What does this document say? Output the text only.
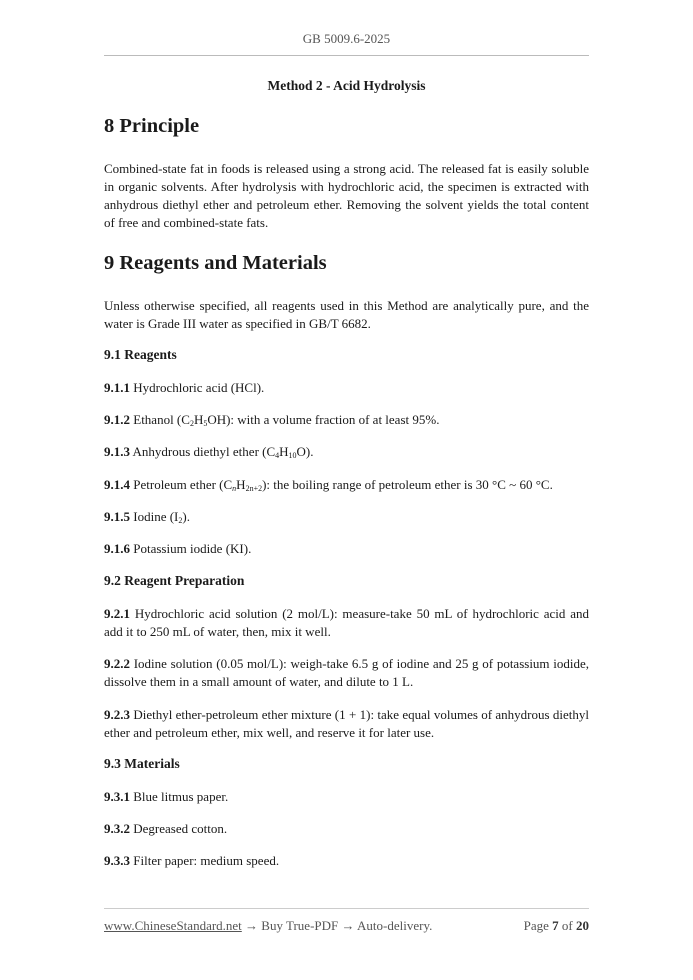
GB 5009.6-2025
Method 2 - Acid Hydrolysis
8 Principle
Combined-state fat in foods is released using a strong acid. The released fat is easily soluble in organic solvents. After hydrolysis with hydrochloric acid, the specimen is extracted with anhydrous diethyl ether and petroleum ether. Removing the solvent yields the total content of free and combined-state fats.
9 Reagents and Materials
Unless otherwise specified, all reagents used in this Method are analytically pure, and the water is Grade III water as specified in GB/T 6682.
9.1 Reagents
9.1.1 Hydrochloric acid (HCl).
9.1.2 Ethanol $(C_2H_5OH)$: with a volume fraction of at least 95%.
9.1.3 Anhydrous diethyl ether $(C_4H_{10}O)$.
9.1.4 Petroleum ether $(C_nH_{2n+2})$: the boiling range of petroleum ether is 30 °C ~ 60 °C.
9.1.5 Iodine $(I_2)$.
9.1.6 Potassium iodide (KI).
9.2 Reagent Preparation
9.2.1 Hydrochloric acid solution (2 mol/L): measure-take 50 mL of hydrochloric acid and add it to 250 mL of water, then, mix it well.
9.2.2 Iodine solution (0.05 mol/L): weigh-take 6.5 g of iodine and 25 g of potassium iodide, dissolve them in a small amount of water, and dilute to 1 L.
9.2.3 Diethyl ether-petroleum ether mixture (1 + 1): take equal volumes of anhydrous diethyl ether and petroleum ether, mix well, and reserve it for later use.
9.3 Materials
9.3.1 Blue litmus paper.
9.3.2 Degreased cotton.
9.3.3 Filter paper: medium speed.
www.ChineseStandard.net → Buy True-PDF → Auto-delivery.	Page 7 of 20
